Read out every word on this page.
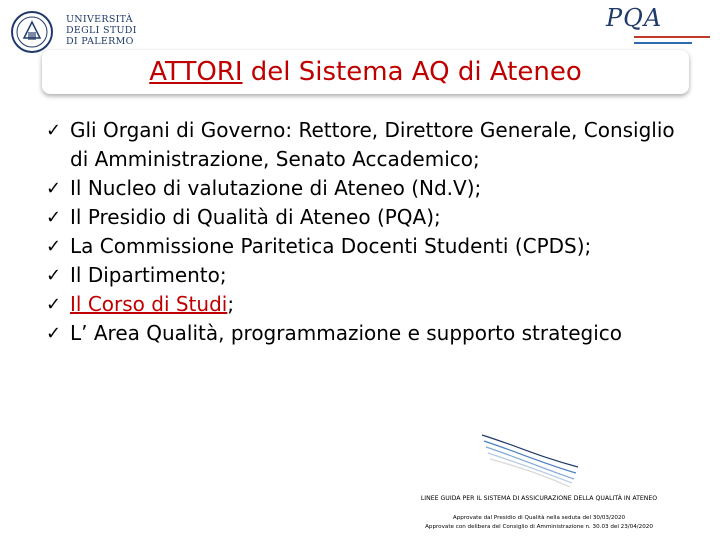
UNIVERSITÀ
DEGLI STUDI
DI PALERMO
PQA
ATTORI del Sistema AQ di Ateneo
✓ Gli Organi di Governo: Rettore, Direttore Generale, Consiglio di Amministrazione, Senato Accademico;
✓ Il Nucleo di valutazione di Ateneo (Nd.V);
✓ Il Presidio di Qualità di Ateneo (PQA);
✓ La Commissione Paritetica Docenti Studenti (CPDS);
✓ Il Dipartimento;
✓ Il Corso di Studi;
✓ L’ Area Qualità, programmazione e supporto strategico
LINEE GUIDA PER IL SISTEMA DI ASSICURAZIONE DELLA QUALITÀ IN ATENEO
Approvate dal Presidio di Qualità nella seduta del 30/03/2020
Approvate con delibera del Consiglio di Amministrazione n. 30.03 del 23/04/2020
